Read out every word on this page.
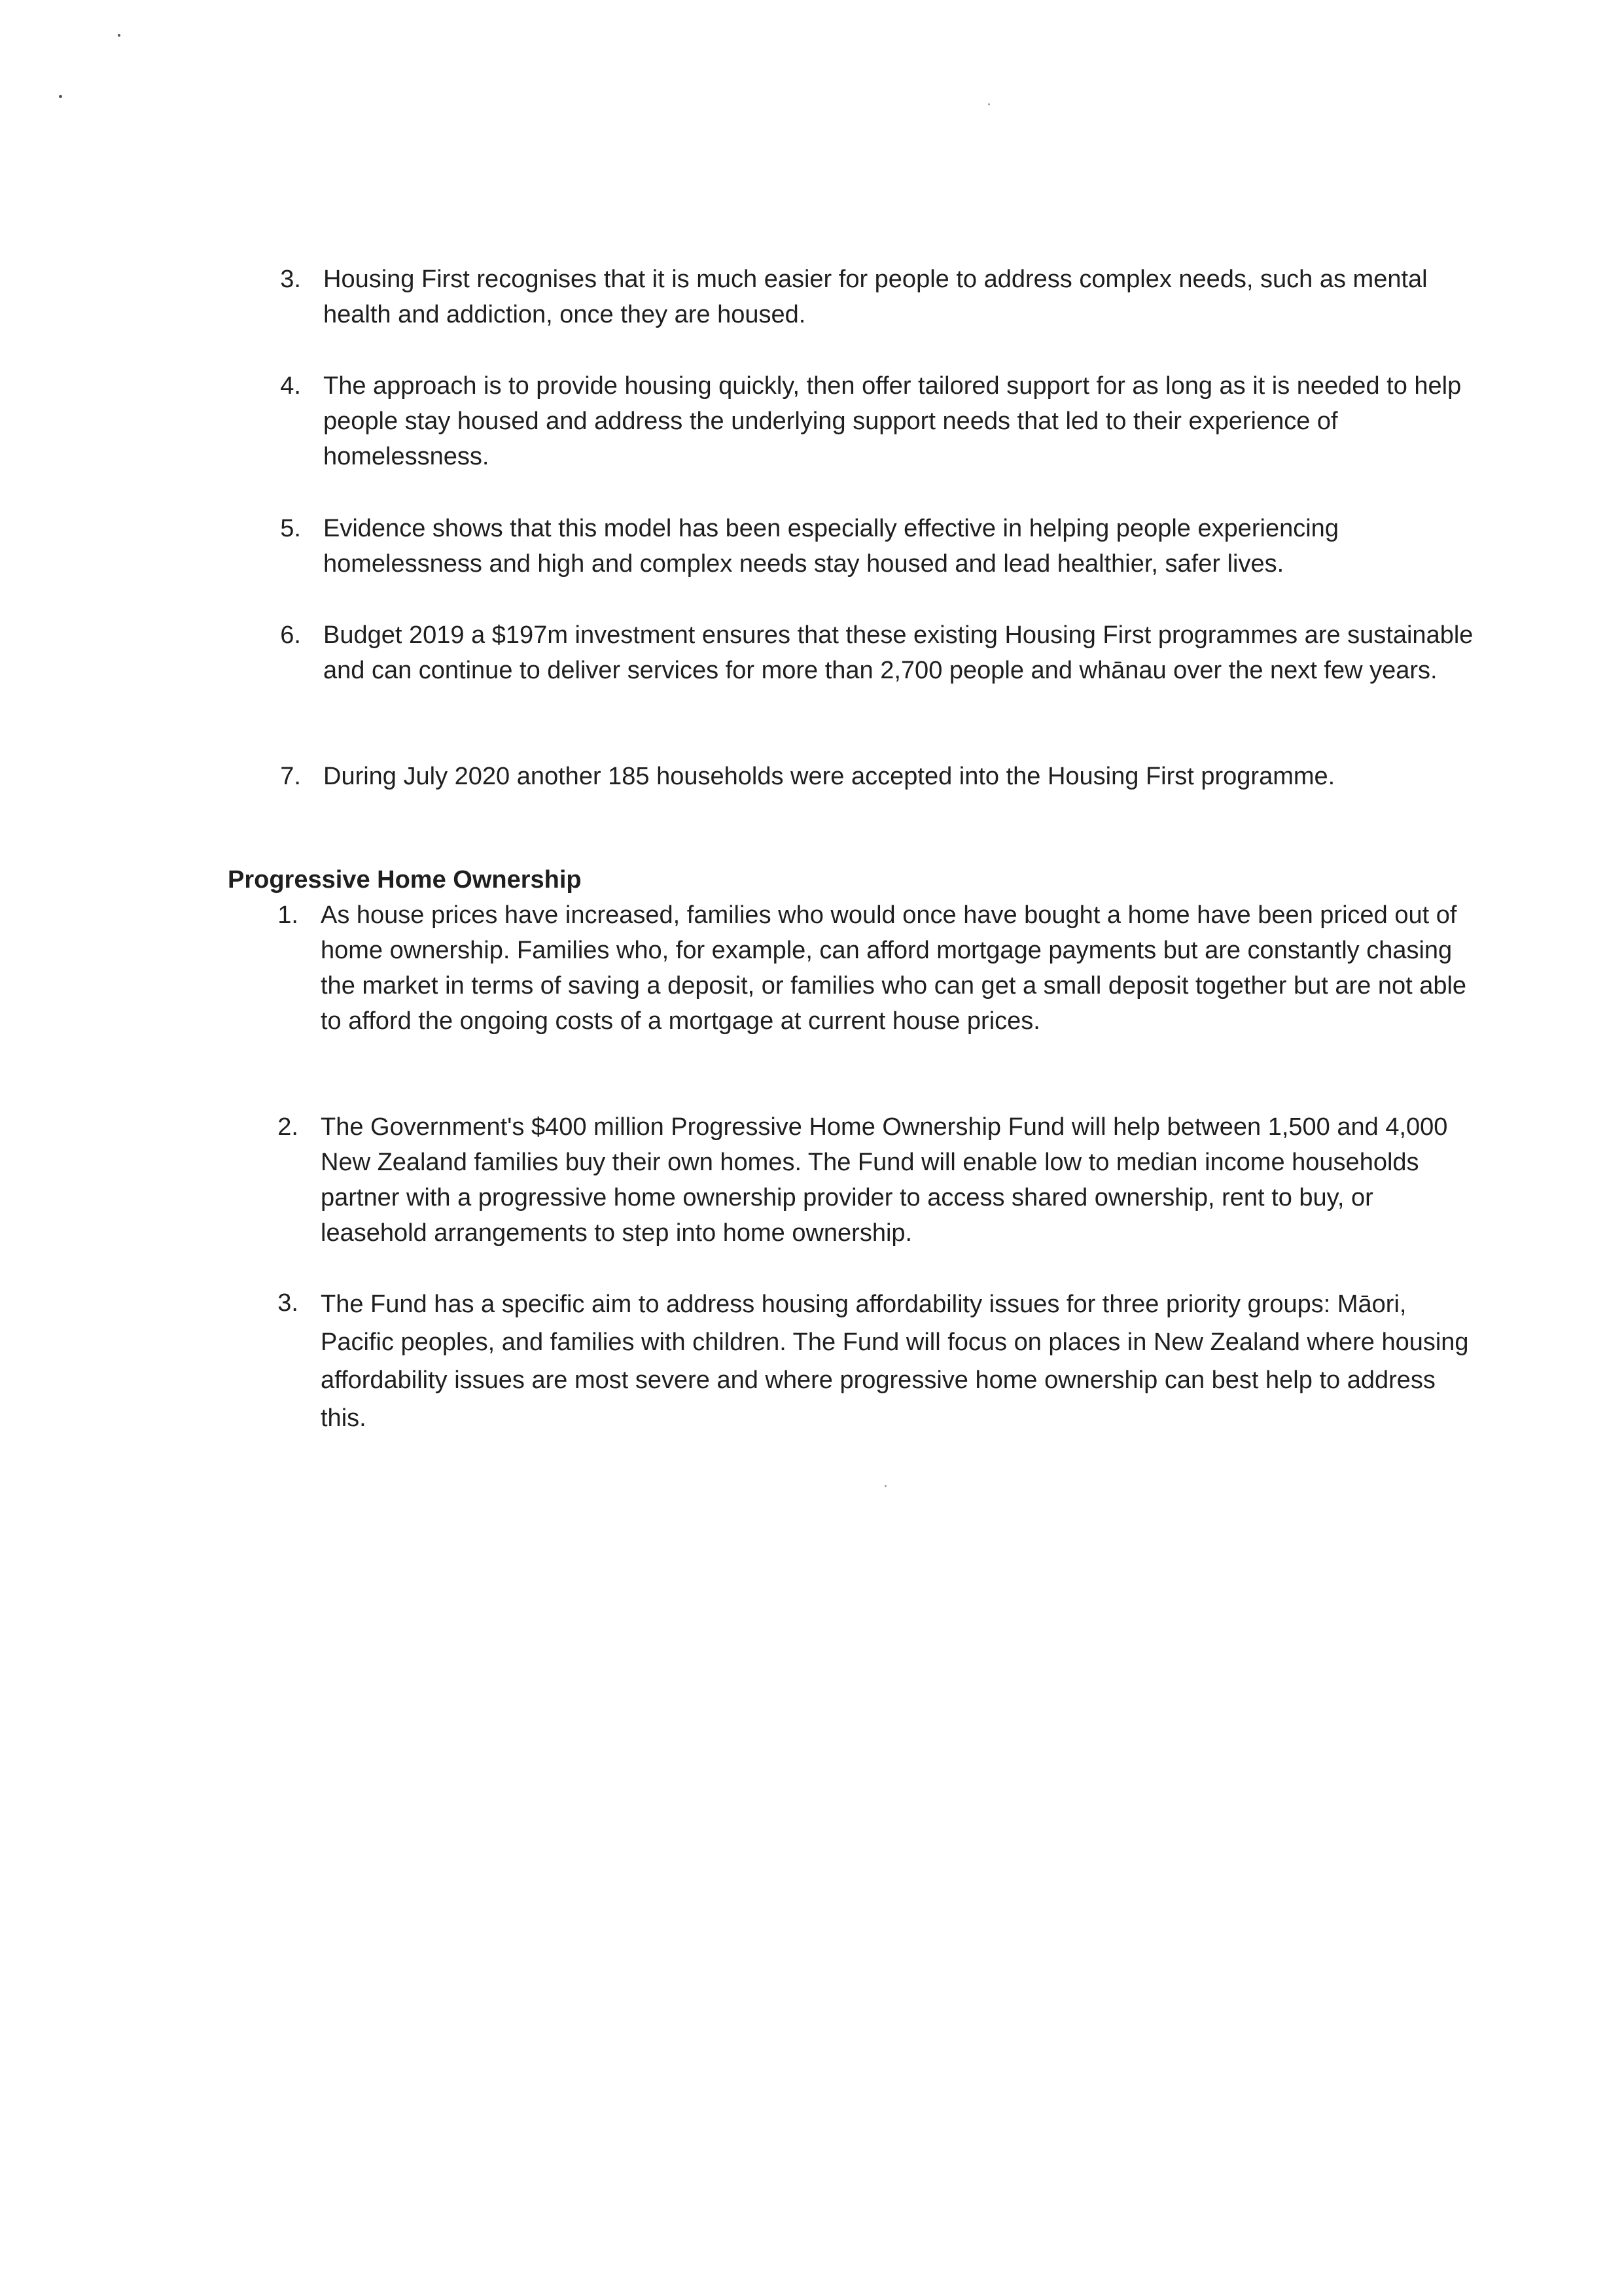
3. Housing First recognises that it is much easier for people to address complex needs, such as mental health and addiction, once they are housed.
4. The approach is to provide housing quickly, then offer tailored support for as long as it is needed to help people stay housed and address the underlying support needs that led to their experience of homelessness.
5. Evidence shows that this model has been especially effective in helping people experiencing homelessness and high and complex needs stay housed and lead healthier, safer lives.
6. Budget 2019 a $197m investment ensures that these existing Housing First programmes are sustainable and can continue to deliver services for more than 2,700 people and whānau over the next few years.
7. During July 2020 another 185 households were accepted into the Housing First programme.
Progressive Home Ownership
1. As house prices have increased, families who would once have bought a home have been priced out of home ownership. Families who, for example, can afford mortgage payments but are constantly chasing the market in terms of saving a deposit, or families who can get a small deposit together but are not able to afford the ongoing costs of a mortgage at current house prices.
2. The Government's $400 million Progressive Home Ownership Fund will help between 1,500 and 4,000 New Zealand families buy their own homes. The Fund will enable low to median income households partner with a progressive home ownership provider to access shared ownership, rent to buy, or leasehold arrangements to step into home ownership.
3. The Fund has a specific aim to address housing affordability issues for three priority groups: Māori, Pacific peoples, and families with children. The Fund will focus on places in New Zealand where housing affordability issues are most severe and where progressive home ownership can best help to address this.
